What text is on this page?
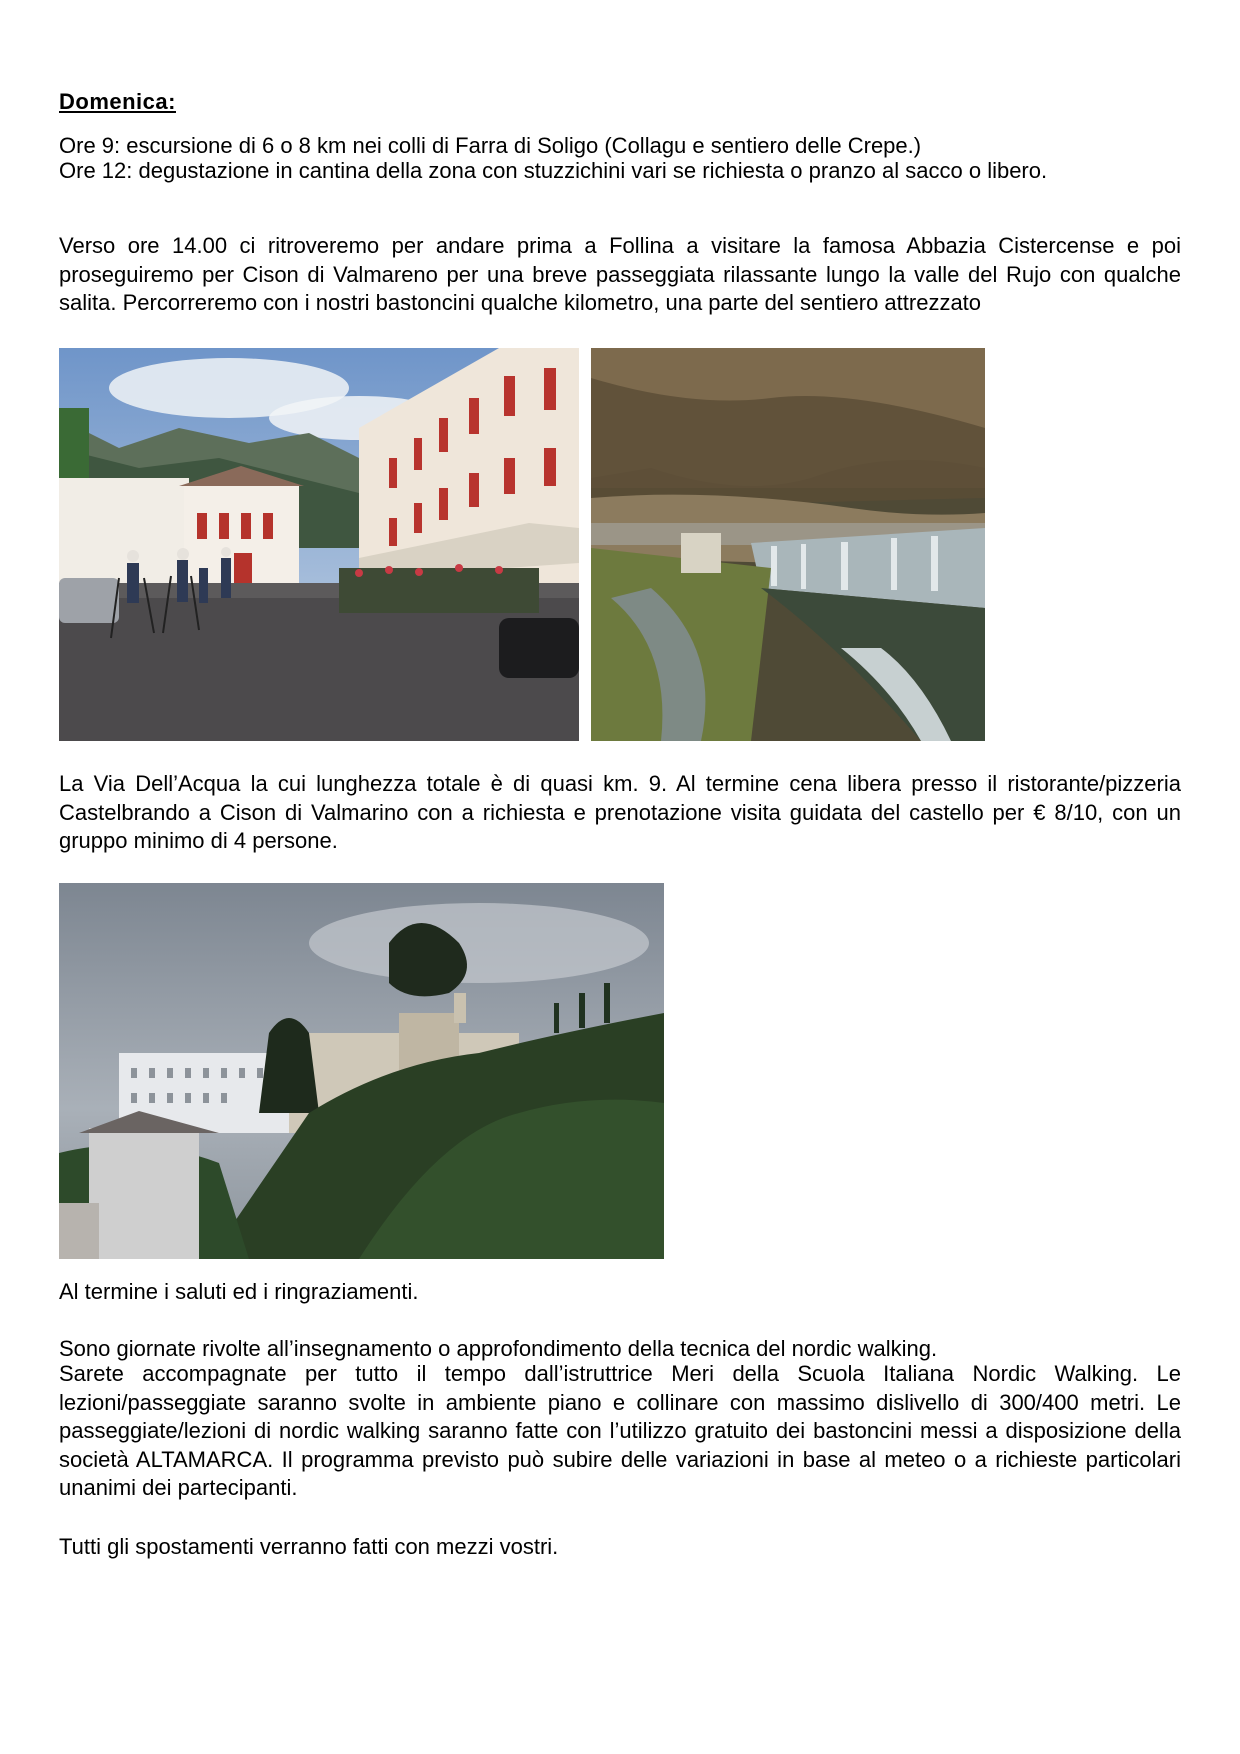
Domenica:

Ore 9: escursione di 6 o 8 km nei colli di Farra di Soligo (Collagu e sentiero delle Crepe.)

Ore 12: degustazione in cantina della zona con stuzzichini vari se richiesta o pranzo al sacco o libero.

Verso ore 14.00 ci ritroveremo per andare prima a Follina a visitare la famosa Abbazia Cistercense e poi proseguiremo per Cison di Valmareno per una breve passeggiata rilassante lungo la valle del Rujo con qualche salita. Percorreremo con i nostri bastoncini qualche kilometro, una parte del sentiero attrezzato

La Via Dell’Acqua la cui lunghezza totale è di quasi km. 9. Al termine cena libera presso il ristorante/pizzeria Castelbrando a Cison di Valmarino con a richiesta e prenotazione visita guidata del castello per € 8/10, con un gruppo minimo di 4 persone.

Al termine i saluti ed i ringraziamenti.

Sono giornate rivolte all’insegnamento o approfondimento della tecnica del nordic walking.

Sarete accompagnate per tutto il tempo dall’istruttrice Meri della Scuola Italiana Nordic Walking. Le lezioni/passeggiate saranno svolte in ambiente piano e collinare con massimo dislivello di 300/400 metri. Le passeggiate/lezioni di nordic walking saranno fatte con l’utilizzo gratuito dei bastoncini messi a disposizione della società ALTAMARCA. Il programma previsto può subire delle variazioni in base al meteo o a richieste particolari unanimi dei partecipanti.

Tutti gli spostamenti verranno fatti con mezzi vostri.
